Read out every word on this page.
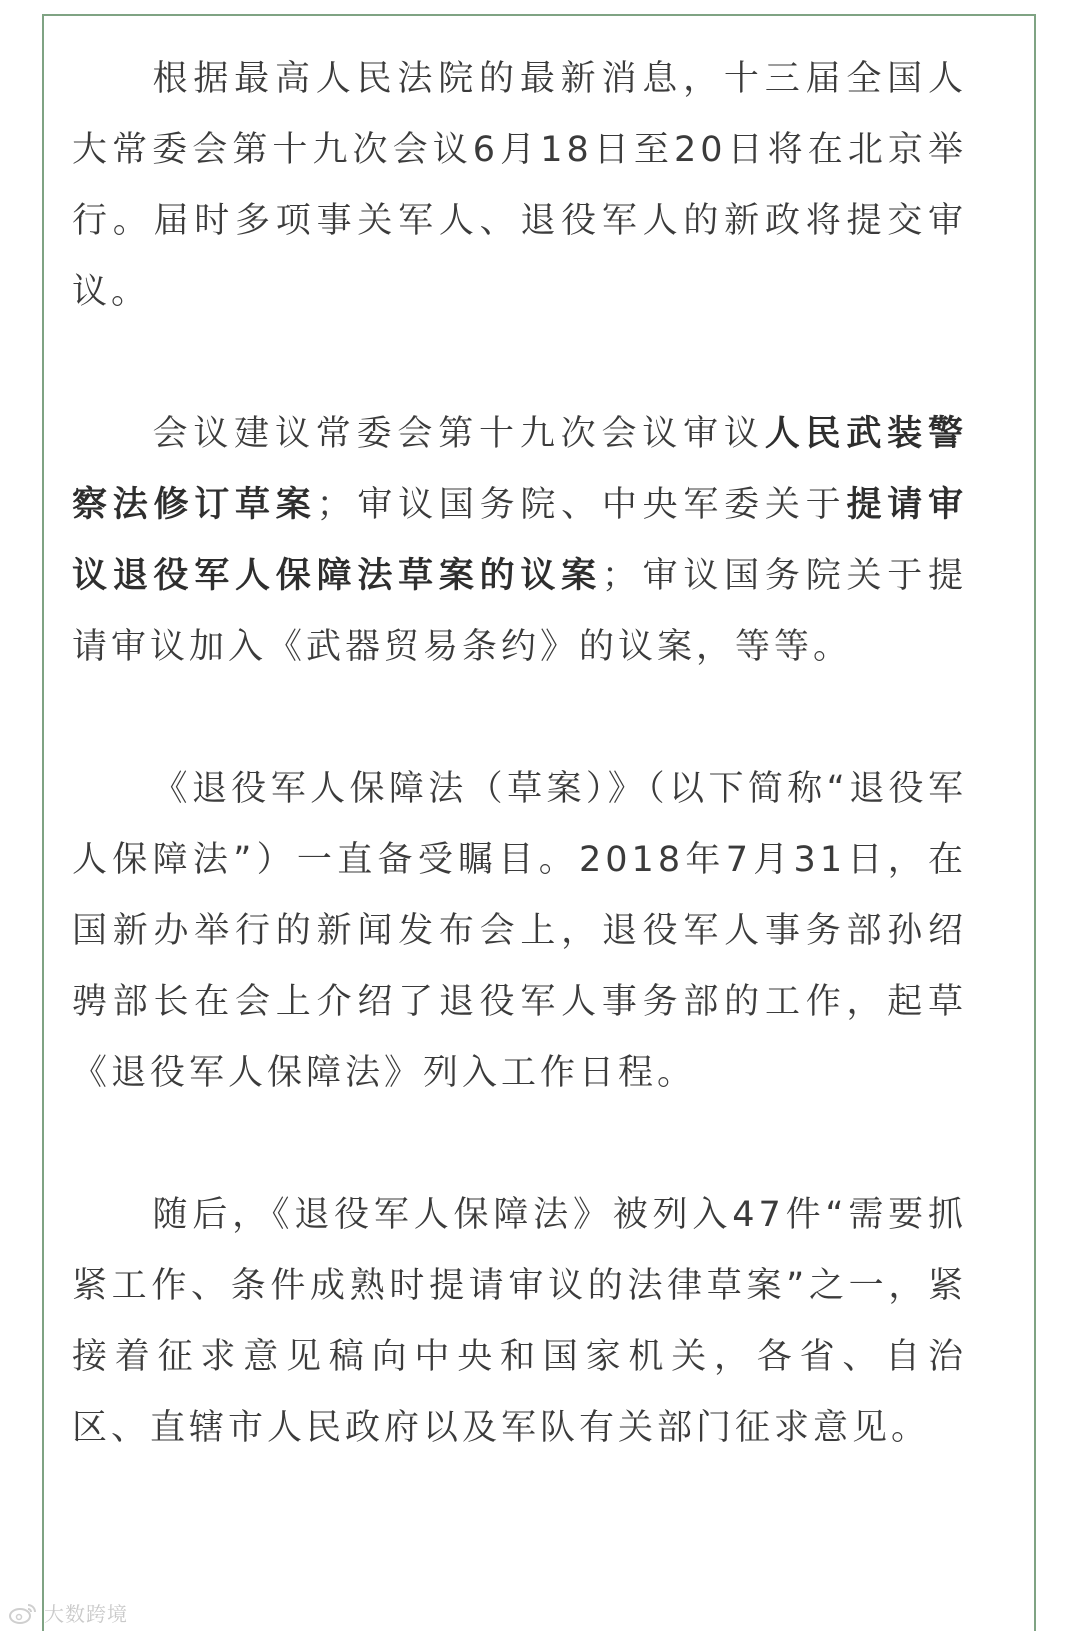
根据最高人民法院的最新消息，十三届全国人大常委会第十九次会议6月18日至20日将在北京举行。届时多项事关军人、退役军人的新政将提交审议。

会议建议常委会第十九次会议审议人民武装警察法修订草案；审议国务院、中央军委关于提请审议退役军人保障法草案的议案；审议国务院关于提请审议加入《武器贸易条约》的议案，等等。

《退役军人保障法（草案）》（以下简称“退役军人保障法”）一直备受瞩目。2018年7月31日，在国新办举行的新闻发布会上，退役军人事务部孙绍骋部长在会上介绍了退役军人事务部的工作，起草《退役军人保障法》列入工作日程。

随后，《退役军人保障法》被列入47件“需要抓紧工作、条件成熟时提请审议的法律草案”之一，紧接着征求意见稿向中央和国家机关，各省、自治区、直辖市人民政府以及军队有关部门征求意见。

大数跨境
